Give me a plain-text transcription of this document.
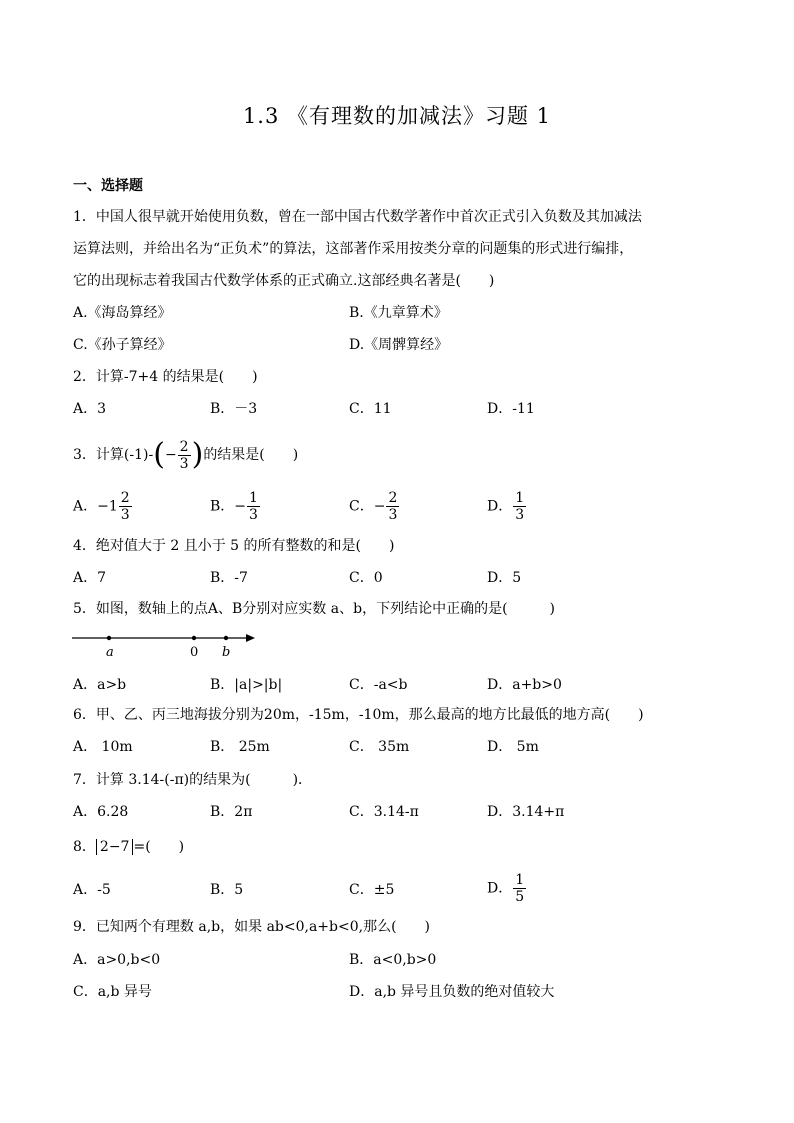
1.3 《有理数的加减法》习题 1
一、选择题
1．中国人很早就开始使用负数，曾在一部中国古代数学著作中首次正式引入负数及其加减法
运算法则，并给出名为“正负术”的算法，这部著作采用按类分章的问题集的形式进行编排，
它的出现标志着我国古代数学体系的正式确立.这部经典名著是(　　)
A.《海岛算经》	B.《九章算术》
C.《孙子算经》	D.《周髀算经》
2．计算-7+4 的结果是(　　)
A．3	B．－3	C．11	D．-11
3．计算$(-1)-(- \frac{2}{3}$ )的结果是(　　)
A．$-1 \frac{2}{3}$	B．− $\frac{1}{3}$	C．− $\frac{2}{3}$	D． $\frac{1}{3}$
4．绝对值大于 2 且小于 5 的所有整数的和是(　　)
A．7	B．-7	C．0	D．5
5．如图，数轴上的点A、B分别对应实数 a、b，下列结论中正确的是(　　　)
a	0 b
A．a>b	B．|a|>|b|	C．-a<b	D．a+b>0
6．甲、乙、丙三地海拔分别为20m，-15m，-10m，那么最高的地方比最低的地方高(　　)
A． 10m	B． 25m	C． 35m	D． 5m
7．计算 3.14-(-π)的结果为(　　　)．
A．6.28	B．2π	C．3.14-π	D．3.14+π
8． 2−7 =(　　)
A．-5	B．5	C．±5	D． $\frac{1}{5}$
9．已知两个有理数 a,b，如果 ab<0,a+b<0,那么(　　)
A．a>0,b<0	B．a<0,b>0
C．a,b 异号	D．a,b 异号且负数的绝对值较大
